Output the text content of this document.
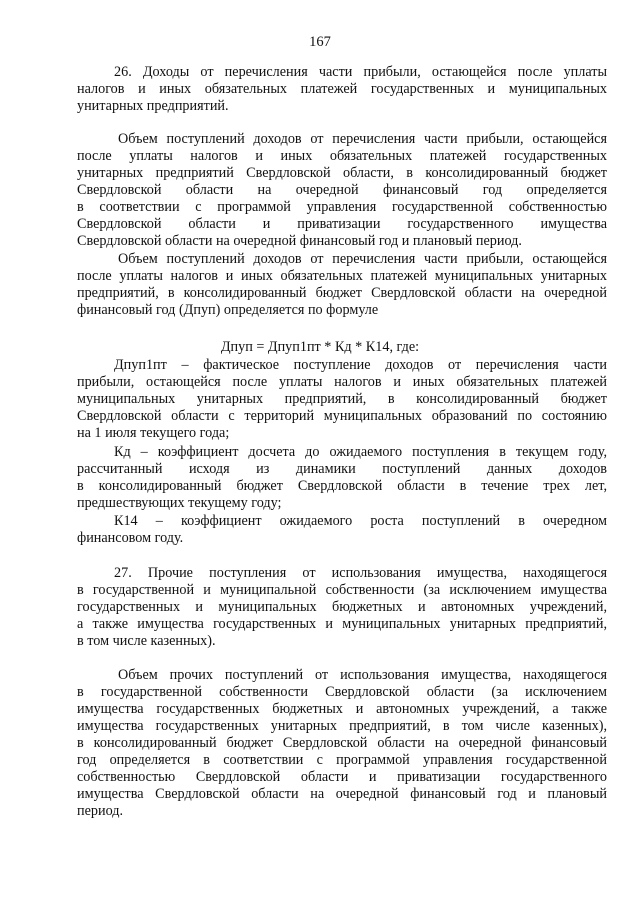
167

26. Доходы от перечисления части прибыли, остающейся после уплаты
налогов и иных обязательных платежей государственных и муниципальных
унитарных предприятий.

Объем поступлений доходов от перечисления части прибыли, остающейся
после уплаты налогов и иных обязательных платежей государственных
унитарных предприятий Свердловской области, в консолидированный бюджет
Свердловской области на очередной финансовый год определяется
в соответствии с программой управления государственной собственностью
Свердловской области и приватизации государственного имущества
Свердловской области на очередной финансовый год и плановый период.

Объем поступлений доходов от перечисления части прибыли, остающейся
после уплаты налогов и иных обязательных платежей муниципальных унитарных
предприятий, в консолидированный бюджет Свердловской области на очередной
финансовый год (Дпуп) определяется по формуле

Дпуп = Дпуп1пт * Кд * К14, где:

Дпуп1пт – фактическое поступление доходов от перечисления части
прибыли, остающейся после уплаты налогов и иных обязательных платежей
муниципальных унитарных предприятий, в консолидированный бюджет
Свердловской области с территорий муниципальных образований по состоянию
на 1 июля текущего года;

Кд – коэффициент досчета до ожидаемого поступления в текущем году,
рассчитанный исходя из динамики поступлений данных доходов
в консолидированный бюджет Свердловской области в течение трех лет,
предшествующих текущему году;

К14 – коэффициент ожидаемого роста поступлений в очередном
финансовом году.

27. Прочие поступления от использования имущества, находящегося
в государственной и муниципальной собственности (за исключением имущества
государственных и муниципальных бюджетных и автономных учреждений,
а также имущества государственных и муниципальных унитарных предприятий,
в том числе казенных).

Объем прочих поступлений от использования имущества, находящегося
в государственной собственности Свердловской области (за исключением
имущества государственных бюджетных и автономных учреждений, а также
имущества государственных унитарных предприятий, в том числе казенных),
в консолидированный бюджет Свердловской области на очередной финансовый
год определяется в соответствии с программой управления государственной
собственностью Свердловской области и приватизации государственного
имущества Свердловской области на очередной финансовый год и плановый
период.
